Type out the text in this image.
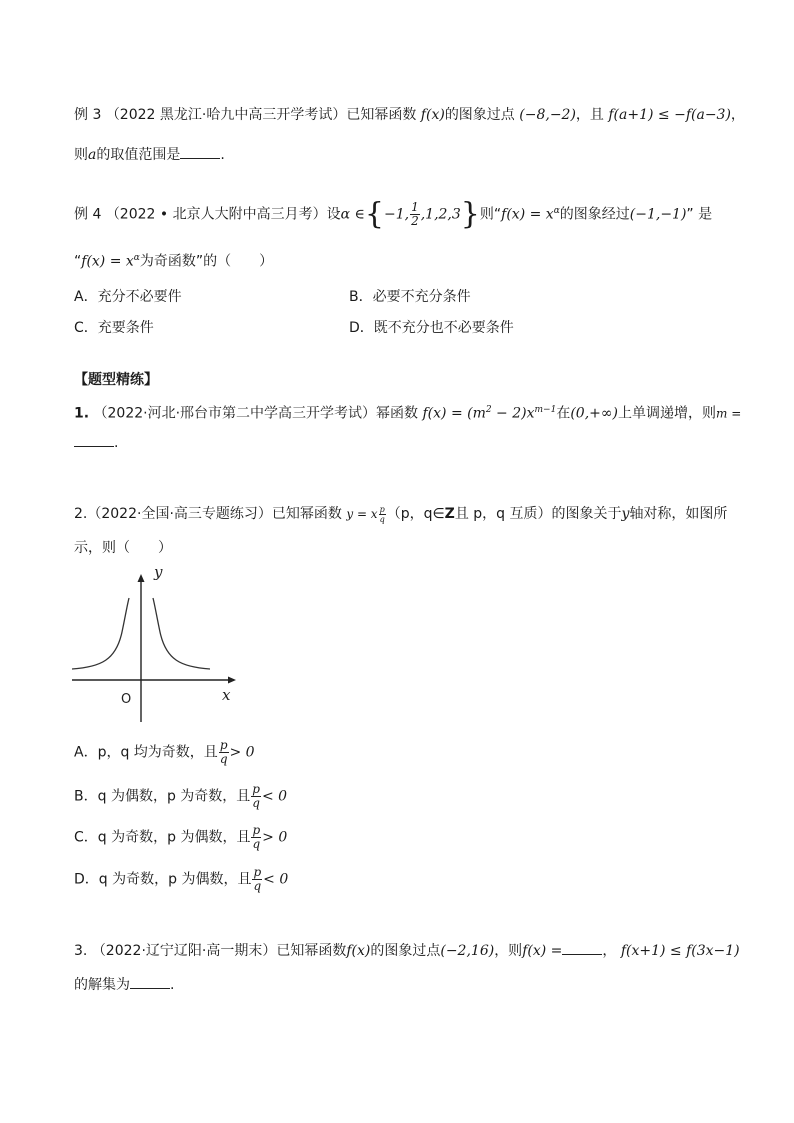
例 3 （2022 黑龙江·哈九中高三开学考试）已知幂函数 f(x)的图象过点 (−8,−2)，且 f(a+1) ≤ −f(a−3)，
则a的取值范围是	.
例 4 （2022 • 北京人大附中高三月考）设α ∈{−1, $\frac{1}{2} ,1,2,3$}则“$f(x) = x^\alpha$的图象经过(−1,−1)” 是
“$f(x) = x^\alpha$为奇函数”的（　　）
A．充分不必要件	B．必要不充分条件
C．充要条件	D．既不充分也不必要条件
【题型精练】
1. （2022·河北·邢台市第二中学高三开学考试）幂函数 $f(x) = (m^2 - 2)x^{m-1}$在(0,+∞)上单调递增，则m =
.
2.（2022·全国·高三专题练习）已知幂函数 y = x $\frac{p}{q} (p$，q∈Z且 p，q 互质）的图象关于y轴对称，如图所
示，则（　　）
y
x
O
A．p，q 均为奇数，且 $\frac{p}{q} > 0$
B．q 为偶数，p 为奇数，且 $\frac{p}{q} < 0$
C．q 为奇数，p 为偶数，且 $\frac{p}{q} > 0$
D．q 为奇数，p 为偶数，且 $\frac{p}{q} < 0$
3. （2022·辽宁辽阳·高一期末）已知幂函数f(x)的图象过点(−2,16)，则f(x) =	， f(x+1) ≤ f(3x−1)
的解集为	.
